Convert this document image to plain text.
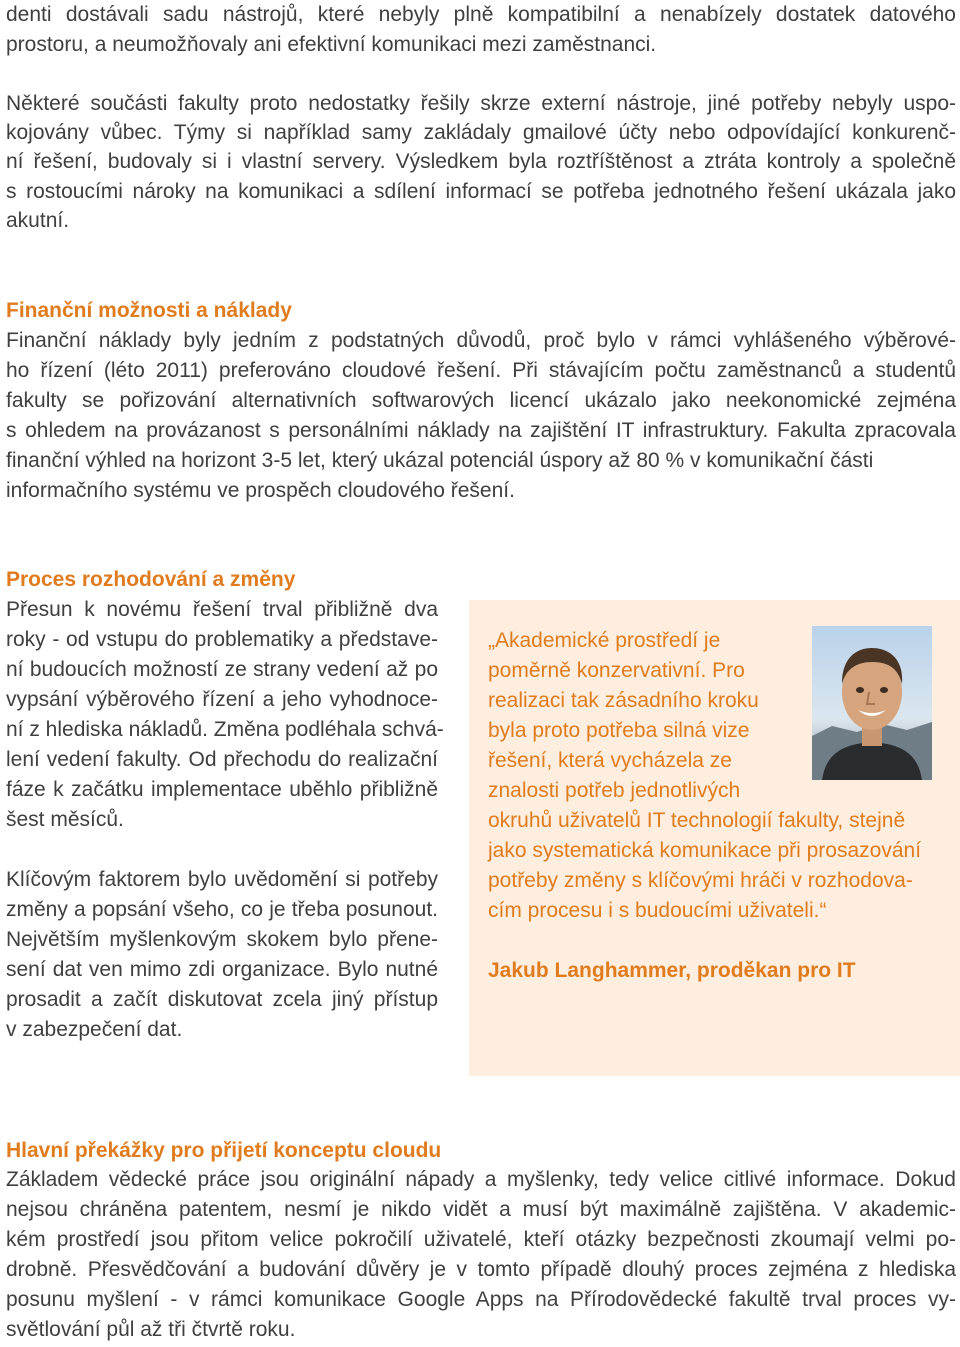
denti dostávali sadu nástrojů, které nebyly plně kompatibilní a nenabízely dostatek datového

prostoru, a neumožňovaly ani efektivní komunikaci mezi zaměstnanci.

Některé součásti fakulty proto nedostatky řešily skrze externí nástroje, jiné potřeby nebyly uspo-

kojovány vůbec. Týmy si například samy zakládaly gmailové účty nebo odpovídající konkurenč-

ní řešení, budovaly si i vlastní servery. Výsledkem byla roztříštěnost a ztráta kontroly a společně

s rostoucími nároky na komunikaci a sdílení informací se potřeba jednotného řešení ukázala jako

akutní.

Finanční možnosti a náklady

Finanční náklady byly jedním z podstatných důvodů, proč bylo v rámci vyhlášeného výběrové-

ho řízení (léto 2011) preferováno cloudové řešení. Při stávajícím počtu zaměstnanců a studentů

fakulty se pořizování alternativních softwarových licencí ukázalo jako neekonomické zejména

s ohledem na provázanost s personálními náklady na zajištění IT infrastruktury. Fakulta zpracovala

finanční výhled na horizont 3-5 let, který ukázal potenciál úspory až 80 % v komunikační části

informačního systému ve prospěch cloudového řešení.

Proces rozhodování a změny

Přesun k novému řešení trval přibližně dva

roky - od vstupu do problematiky a představe-

ní budoucích možností ze strany vedení až po

vypsání výběrového řízení a jeho vyhodnoce-

ní z hlediska nákladů. Změna podléhala schvá-

lení vedení fakulty. Od přechodu do realizační

fáze k začátku implementace uběhlo přibližně

šest měsíců.

Klíčovým faktorem bylo uvědomění si potřeby

změny a popsání všeho, co je třeba posunout.

Největším myšlenkovým skokem bylo přene-

sení dat ven mimo zdi organizace. Bylo nutné

prosadit a začít diskutovat zcela jiný přístup

v zabezpečení dat.

„Akademické prostředí je

poměrně konzervativní. Pro

realizaci tak zásadního kroku

byla proto potřeba silná vize

řešení, která vycházela ze

znalosti potřeb jednotlivých

okruhů uživatelů IT technologií fakulty, stejně

jako systematická komunikace při prosazování

potřeby změny s klíčovými hráči v rozhodova-

cím procesu i s budoucími uživateli.“

Jakub Langhammer, proděkan pro IT

Hlavní překážky pro přijetí konceptu cloudu

Základem vědecké práce jsou originální nápady a myšlenky, tedy velice citlivé informace. Dokud

nejsou chráněna patentem, nesmí je nikdo vidět a musí být maximálně zajištěna. V akademic-

kém prostředí jsou přitom velice pokročilí uživatelé, kteří otázky bezpečnosti zkoumají velmi po-

drobně. Přesvědčování a budování důvěry je v tomto případě dlouhý proces zejména z hlediska

posunu myšlení - v rámci komunikace Google Apps na Přírodovědecké fakultě trval proces vy-

světlování půl až tři čtvrtě roku.
